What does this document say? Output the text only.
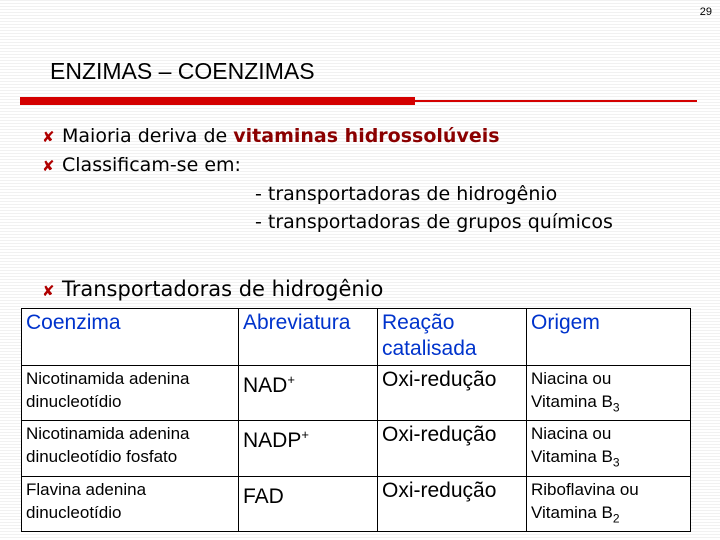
29
ENZIMAS – COENZIMAS
✘ Maioria deriva de vitaminas hidrossolúveis
✘ Classificam-se em:
- transportadoras de hidrogênio
- transportadoras de grupos químicos
✘ Transportadoras de hidrogênio
Coenzima	Abreviatura	Reação catalisada	Origem

Nicotinamida adenina
dinucleotídio	NAD+	Oxi-redução	Niacina ou
Vitamina $B_3$

Nicotinamida adenina
dinucleotídio fosfato	NADP+	Oxi-redução	Niacina ou
Vitamina $B_3$

Flavina adenina
dinucleotídio	FAD	Oxi-redução	Riboflavina ou
Vitamina $B_2$
